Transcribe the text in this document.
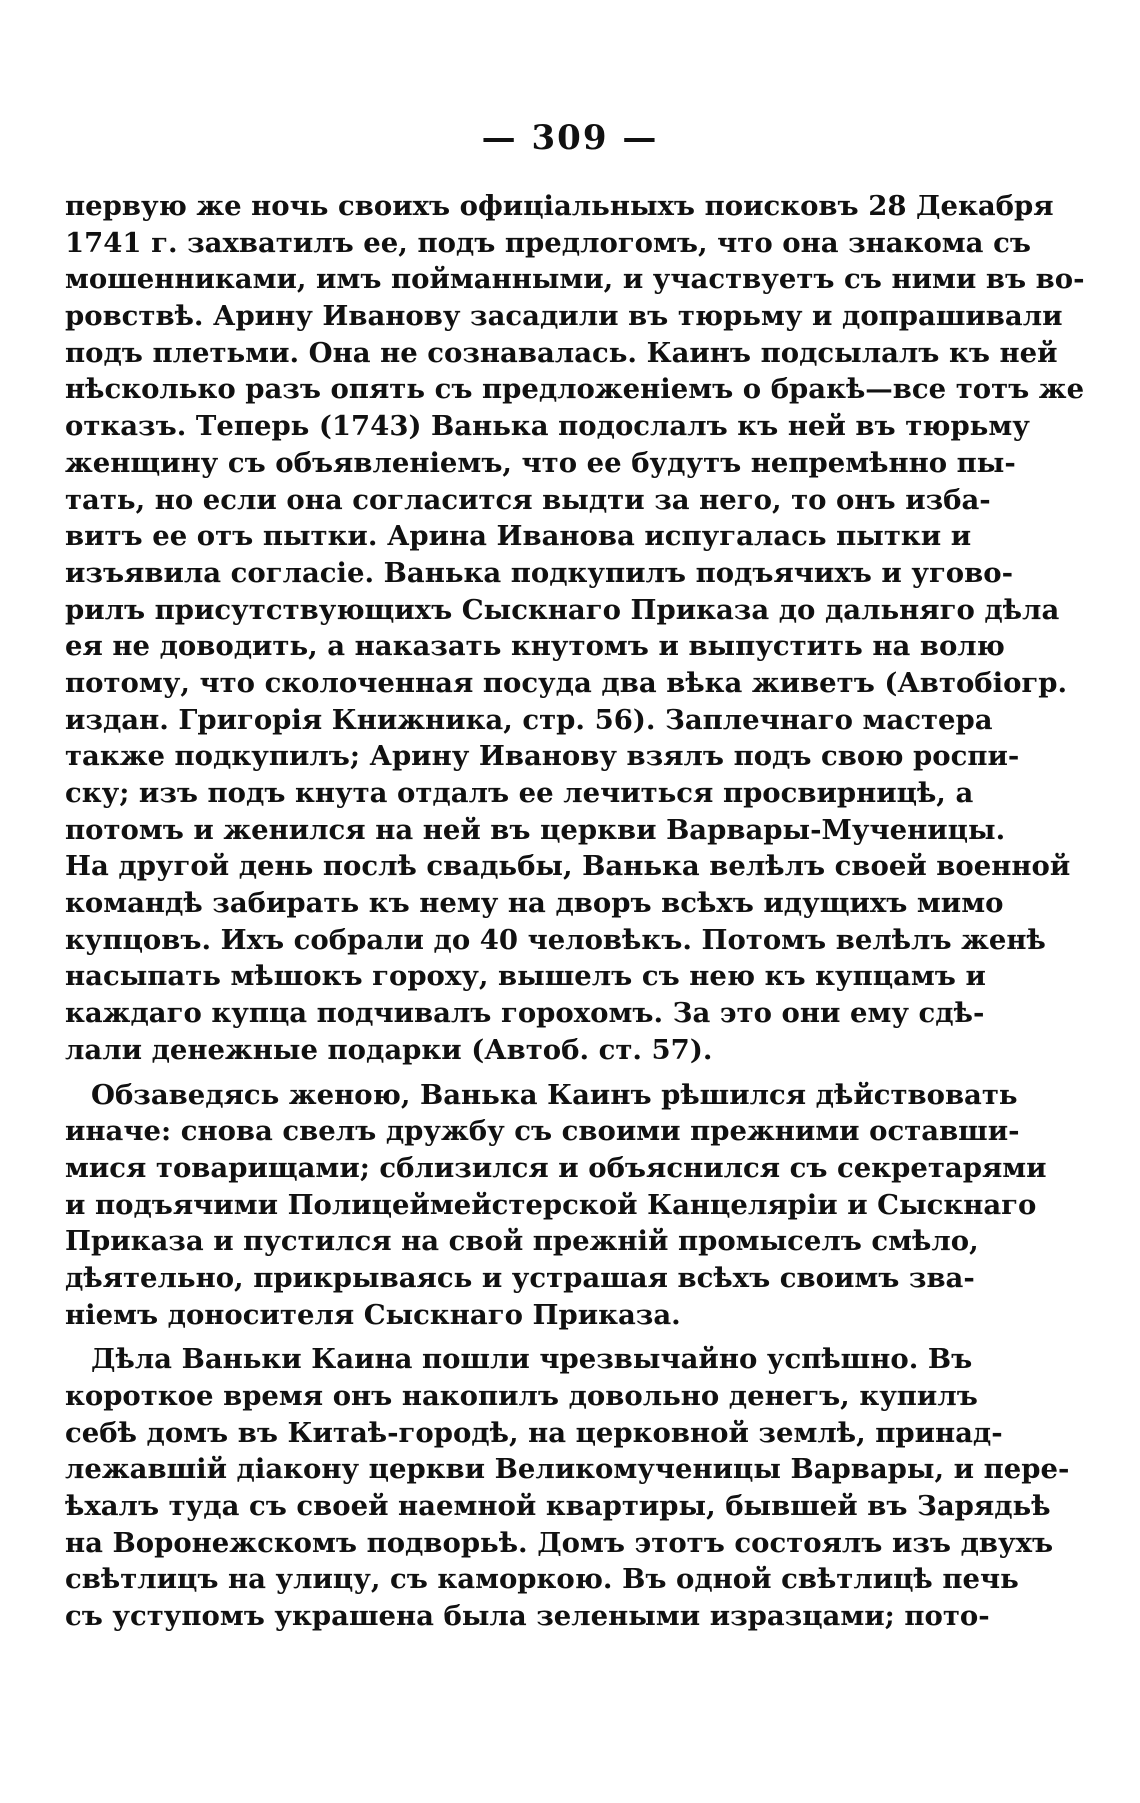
— 309 —
первую же ночь своихъ офиціальныхъ поисковъ 28 Декабря
1741 г. захватилъ ее, подъ предлогомъ, что она знакома съ
мошенниками, имъ пойманными, и участвуетъ съ ними въ во-
ровствѣ. Арину Иванову засадили въ тюрьму и допрашивали
подъ плетьми. Она не сознавалась. Каинъ подсылалъ къ ней
нѣсколько разъ опять съ предложеніемъ о бракѣ—все тотъ же
отказъ. Теперь (1743) Ванька подослалъ къ ней въ тюрьму
женщину съ объявленіемъ, что ее будутъ непремѣнно пы-
тать, но если она согласится выдти за него, то онъ изба-
витъ ее отъ пытки. Арина Иванова испугалась пытки и
изъявила согласіе. Ванька подкупилъ подъячихъ и угово-
рилъ присутствующихъ Сыскнаго Приказа до дальняго дѣла
ея не доводить, а наказать кнутомъ и выпустить на волю
потому, что сколоченная посуда два вѣка живетъ (Автобіогр.
издан. Григорія Книжника, стр. 56). Заплечнаго мастера
также подкупилъ; Арину Иванову взялъ подъ свою роспи-
ску; изъ подъ кнута отдалъ ее лечиться просвирницѣ, а
потомъ и женился на ней въ церкви Варвары-Мученицы.
На другой день послѣ свадьбы, Ванька велѣлъ своей военной
командѣ забирать къ нему на дворъ всѣхъ идущихъ мимо
купцовъ. Ихъ собрали до 40 человѣкъ. Потомъ велѣлъ женѣ
насыпать мѣшокъ гороху, вышелъ съ нею къ купцамъ и
каждаго купца подчивалъ горохомъ. За это они ему сдѣ-
лали денежные подарки (Автоб. ст. 57).
Обзаведясь женою, Ванька Каинъ рѣшился дѣйствовать
иначе: снова свелъ дружбу съ своими прежними оставши-
мися товарищами; сблизился и объяснился съ секретарями
и подъячими Полицеймейстерской Канцеляріи и Сыскнаго
Приказа и пустился на свой прежній промыселъ смѣло,
дѣятельно, прикрываясь и устрашая всѣхъ своимъ зва-
ніемъ доносителя Сыскнаго Приказа.
Дѣла Ваньки Каина пошли чрезвычайно успѣшно. Въ
короткое время онъ накопилъ довольно денегъ, купилъ
себѣ домъ въ Китаѣ-городѣ, на церковной землѣ, принад-
лежавшій діакону церкви Великомученицы Варвары, и пере-
ѣхалъ туда съ своей наемной квартиры, бывшей въ Зарядьѣ
на Воронежскомъ подворьѣ. Домъ этотъ состоялъ изъ двухъ
свѣтлицъ на улицу, съ каморкою. Въ одной свѣтлицѣ печь
съ уступомъ украшена была зелеными изразцами; пото-
